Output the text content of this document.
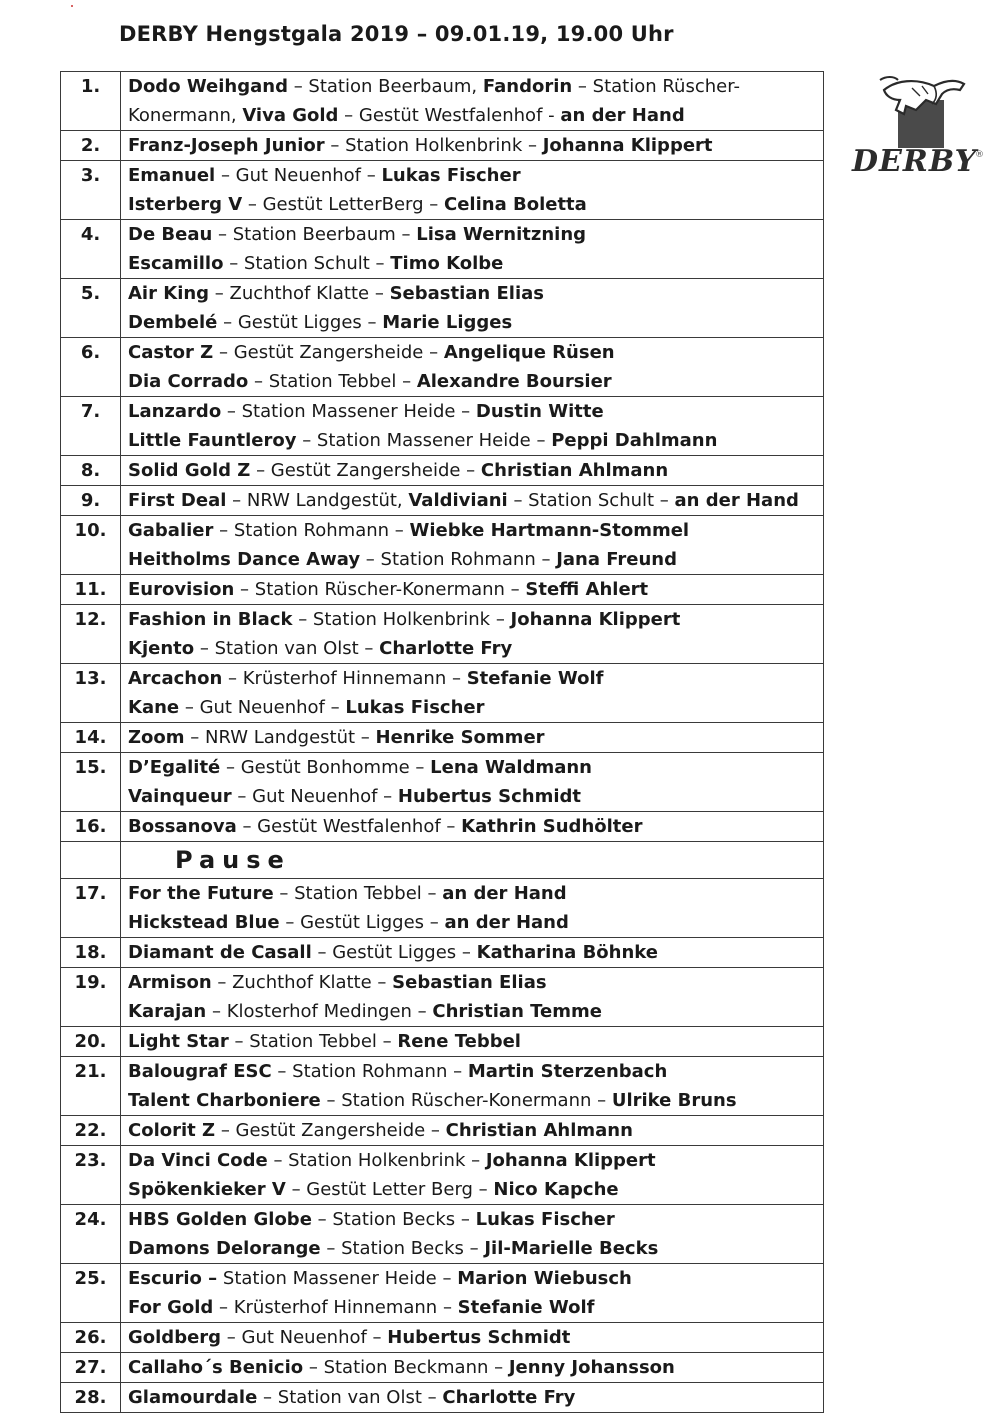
DERBY Hengstgala 2019 – 09.01.19, 19.00 Uhr
DERBY
®
1.	Dodo Weihgand – Station Beerbaum, Fandorin – Station Rüscher-
Konermann, Viva Gold – Gestüt Westfalenhof - an der Hand

2.	Franz-Joseph Junior – Station Holkenbrink – Johanna Klippert

3.	Emanuel – Gut Neuenhof – Lukas Fischer
Isterberg V – Gestüt LetterBerg – Celina Boletta

4.	De Beau – Station Beerbaum – Lisa Wernitzning
Escamillo – Station Schult – Timo Kolbe

5.	Air King – Zuchthof Klatte – Sebastian Elias
Dembelé – Gestüt Ligges – Marie Ligges

6.	Castor Z – Gestüt Zangersheide – Angelique Rüsen
Dia Corrado – Station Tebbel – Alexandre Boursier

7.	Lanzardo – Station Massener Heide – Dustin Witte
Little Fauntleroy – Station Massener Heide – Peppi Dahlmann

8.	Solid Gold Z – Gestüt Zangersheide – Christian Ahlmann

9.	First Deal – NRW Landgestüt, Valdiviani – Station Schult – an der Hand

10.	Gabalier – Station Rohmann – Wiebke Hartmann-Stommel
Heitholms Dance Away – Station Rohmann – Jana Freund

11.	Eurovision – Station Rüscher-Konermann – Steffi Ahlert

12.	Fashion in Black – Station Holkenbrink – Johanna Klippert
Kjento – Station van Olst – Charlotte Fry

13.	Arcachon – Krüsterhof Hinnemann – Stefanie Wolf
Kane – Gut Neuenhof – Lukas Fischer

14.	Zoom – NRW Landgestüt – Henrike Sommer

15.	D’Egalité – Gestüt Bonhomme – Lena Waldmann
Vainqueur – Gut Neuenhof – Hubertus Schmidt

16.	Bossanova – Gestüt Westfalenhof – Kathrin Sudhölter

	Pause
17.	For the Future – Station Tebbel – an der Hand
Hickstead Blue – Gestüt Ligges – an der Hand

18.	Diamant de Casall – Gestüt Ligges – Katharina Böhnke

19.	Armison – Zuchthof Klatte – Sebastian Elias
Karajan – Klosterhof Medingen – Christian Temme

20.	Light Star – Station Tebbel – Rene Tebbel

21.	Balougraf ESC – Station Rohmann – Martin Sterzenbach
Talent Charboniere – Station Rüscher-Konermann – Ulrike Bruns

22.	Colorit Z – Gestüt Zangersheide – Christian Ahlmann

23.	Da Vinci Code – Station Holkenbrink – Johanna Klippert
Spökenkieker V – Gestüt Letter Berg – Nico Kapche

24.	HBS Golden Globe – Station Becks – Lukas Fischer
Damons Delorange – Station Becks – Jil-Marielle Becks

25.	Escurio – Station Massener Heide – Marion Wiebusch
For Gold – Krüsterhof Hinnemann – Stefanie Wolf

26.	Goldberg – Gut Neuenhof – Hubertus Schmidt

27.	Callaho´s Benicio – Station Beckmann – Jenny Johansson

28.	Glamourdale – Station van Olst – Charlotte Fry
